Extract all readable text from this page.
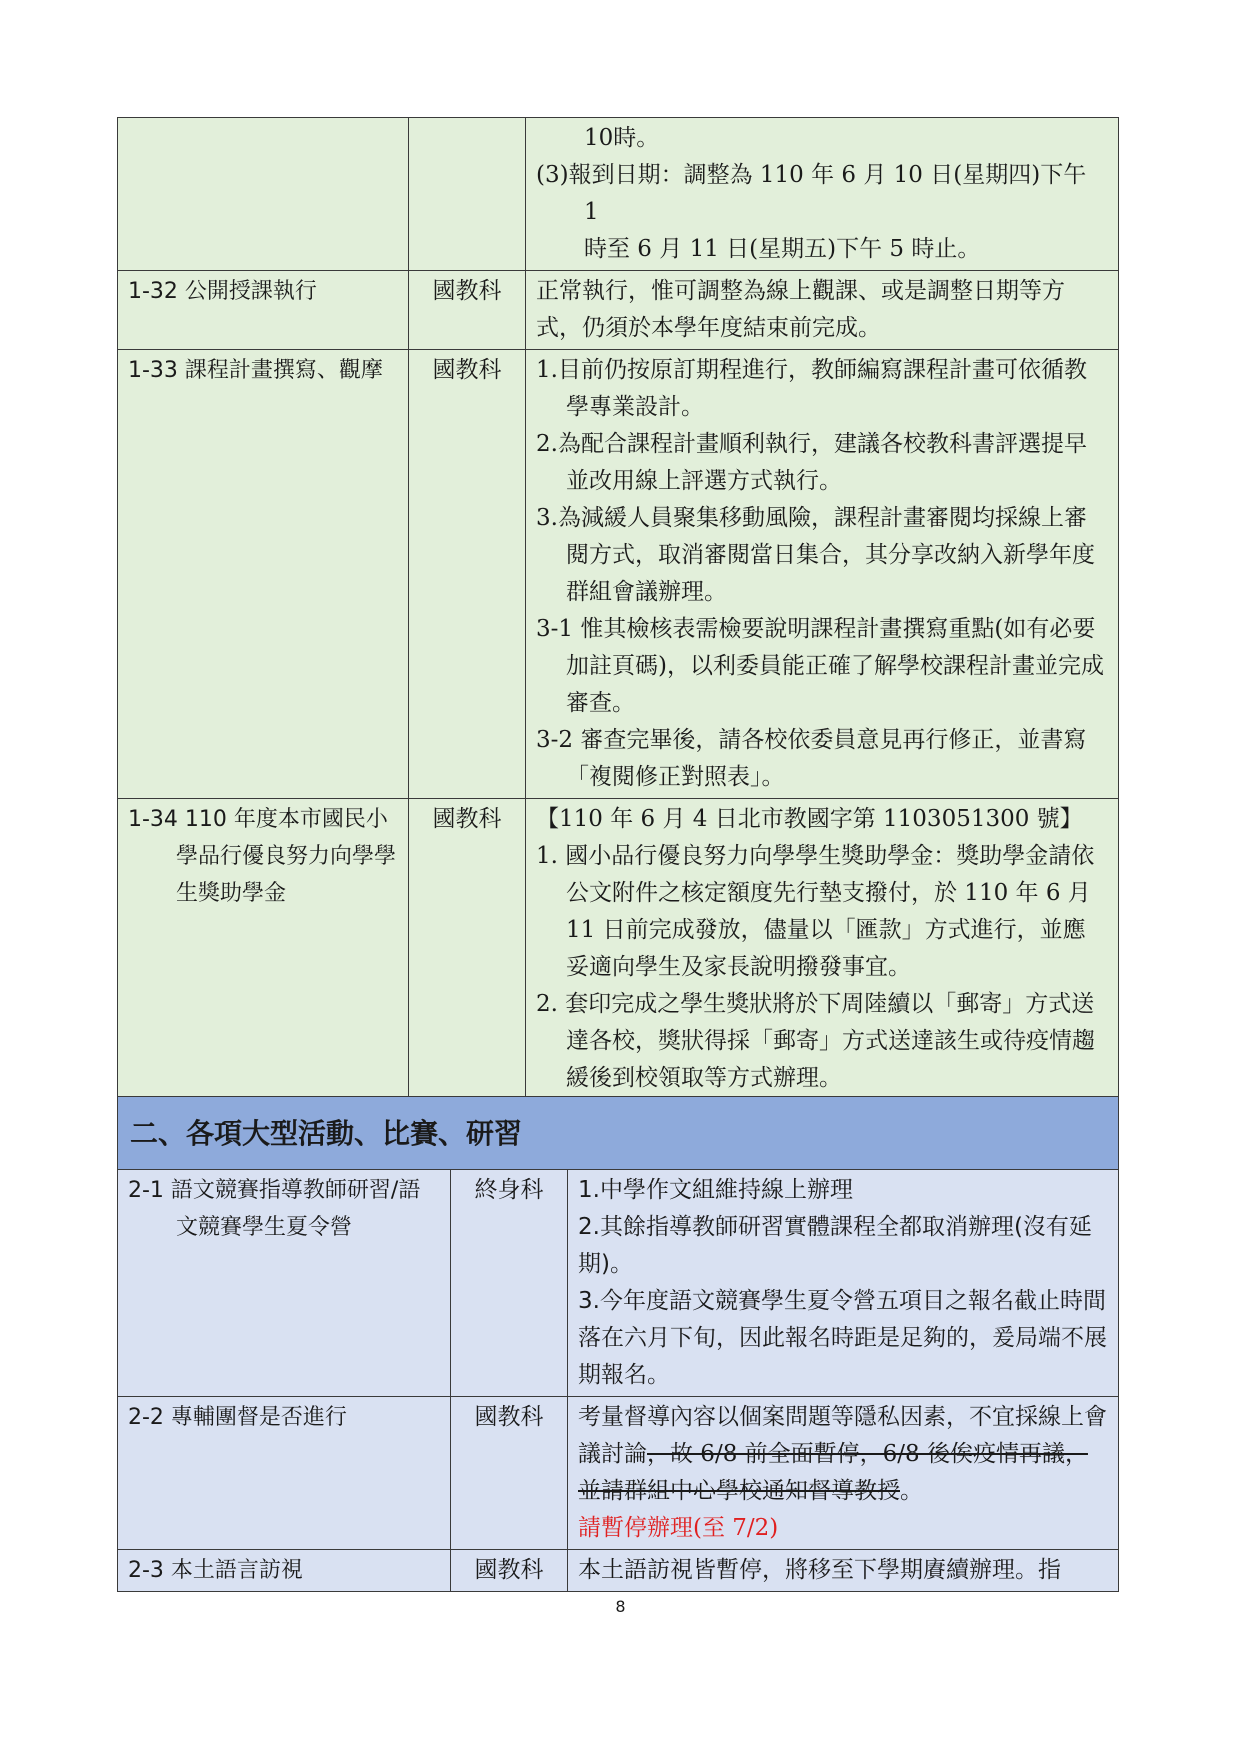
		10時。

(3)報到日期：調整為 110 年 6 月 10 日(星期四)下午 1
時至 6 月 11 日(星期五)下午 5 時止。

1-32 公開授課執行	國教科	正常執行，惟可調整為線上觀課、或是調整日期等方式，仍須於本學年度結束前完成。

1-33 課程計畫撰寫、觀摩	國教科	1.目前仍按原訂期程進行，教師編寫課程計畫可依循教學專業設計。

2.為配合課程計畫順利執行，建議各校教科書評選提早並改用線上評選方式執行。

3.為減緩人員聚集移動風險，課程計畫審閱均採線上審閱方式，取消審閱當日集合，其分享改納入新學年度群組會議辦理。

3-1 惟其檢核表需檢要說明課程計畫撰寫重點(如有必要加註頁碼)，以利委員能正確了解學校課程計畫並完成審查。

3-2 審查完畢後，請各校依委員意見再行修正，並書寫「複閱修正對照表」。

1-34 110 年度本市國民小學品行優良努力向學學生獎助學金	國教科	【110 年 6 月 4 日北市教國字第 1103051300 號】

1. 國小品行優良努力向學學生獎助學金：獎助學金請依公文附件之核定額度先行墊支撥付，於 110 年 6 月 11 日前完成發放，儘量以「匯款」方式進行，並應妥適向學生及家長說明撥發事宜。

2. 套印完成之學生獎狀將於下周陸續以「郵寄」方式送達各校，獎狀得採「郵寄」方式送達該生或待疫情趨緩後到校領取等方式辦理。

二、各項大型活動、比賽、研習		

2-1 語文競賽指導教師研習/語文競賽學生夏令營	終身科	1.中學作文組維持線上辦理

2.其餘指導教師研習實體課程全都取消辦理(沒有延期)。

3.今年度語文競賽學生夏令營五項目之報名截止時間落在六月下旬，因此報名時距是足夠的，爰局端不展期報名。

2-2 專輔團督是否進行	國教科	考量督導內容以個案問題等隱私因素，不宜採線上會議討論，故 6/8 前全面暫停，6/8 後俟疫情再議，並請群組中心學校通知督導教授。

請暫停辦理(至 7/2)

2-3 本土語言訪視	國教科	本土語訪視皆暫停，將移至下學期賡續辦理。指

8
